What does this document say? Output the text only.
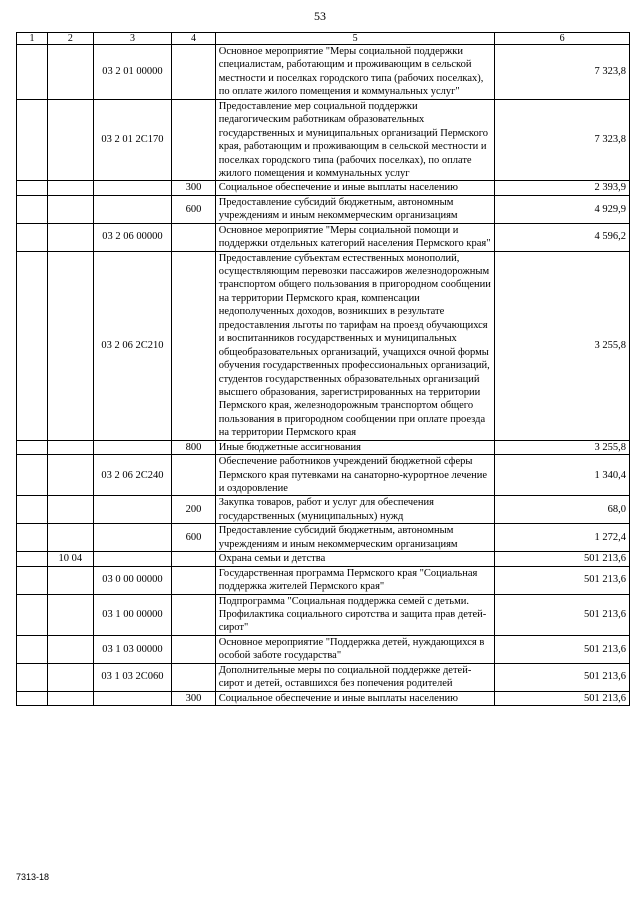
53
1	2	3	4	5	6
		03 2 01 00000		Основное мероприятие "Меры социальной поддержки специалистам, работающим и проживающим в сельской местности и поселках городского типа (рабочих поселках), по оплате жилого помещения и коммунальных услуг"	7 323,8
		03 2 01 2С170		Предоставление мер социальной поддержки педагогическим работникам образовательных государственных и муниципальных организаций Пермского края, работающим и проживающим в сельской местности и поселках городского типа (рабочих поселках), по оплате жилого помещения и коммунальных услуг	7 323,8
			300	Социальное обеспечение и иные выплаты населению	2 393,9
			600	Предоставление субсидий бюджетным, автономным учреждениям и иным некоммерческим организациям	4 929,9
		03 2 06 00000		Основное мероприятие "Меры социальной помощи и поддержки отдельных категорий населения Пермского края"	4 596,2
		03 2 06 2С210		Предоставление субъектам естественных монополий, осуществляющим перевозки пассажиров железнодорожным транспортом общего пользования в пригородном сообщении на территории Пермского края, компенсации недополученных доходов, возникших в результате предоставления льготы по тарифам на проезд обучающихся и воспитанников государственных и муниципальных общеобразовательных организаций, учащихся очной формы обучения государственных профессиональных организаций, студентов государственных образовательных организаций высшего образования, зарегистрированных на территории Пермского края, железнодорожным транспортом общего пользования в пригородном сообщении при оплате проезда на территории Пермского края	3 255,8
			800	Иные бюджетные ассигнования	3 255,8
		03 2 06 2С240		Обеспечение работников учреждений бюджетной сферы Пермского края путевками на санаторно-курортное лечение и оздоровление	1 340,4
			200	Закупка товаров, работ и услуг для обеспечения государственных (муниципальных) нужд	68,0
			600	Предоставление субсидий бюджетным, автономным учреждениям и иным некоммерческим организациям	1 272,4
	10 04			Охрана семьи и детства	501 213,6
		03 0 00 00000		Государственная программа Пермского края "Социальная поддержка жителей Пермского края"	501 213,6
		03 1 00 00000		Подпрограмма "Социальная поддержка семей с детьми. Профилактика социального сиротства и защита прав детей-сирот"	501 213,6
		03 1 03 00000		Основное мероприятие "Поддержка детей, нуждающихся в особой заботе государства"	501 213,6
		03 1 03 2С060		Дополнительные меры по социальной поддержке детей-сирот и детей, оставшихся без попечения родителей	501 213,6
			300	Социальное обеспечение и иные выплаты населению	501 213,6
7313-18
